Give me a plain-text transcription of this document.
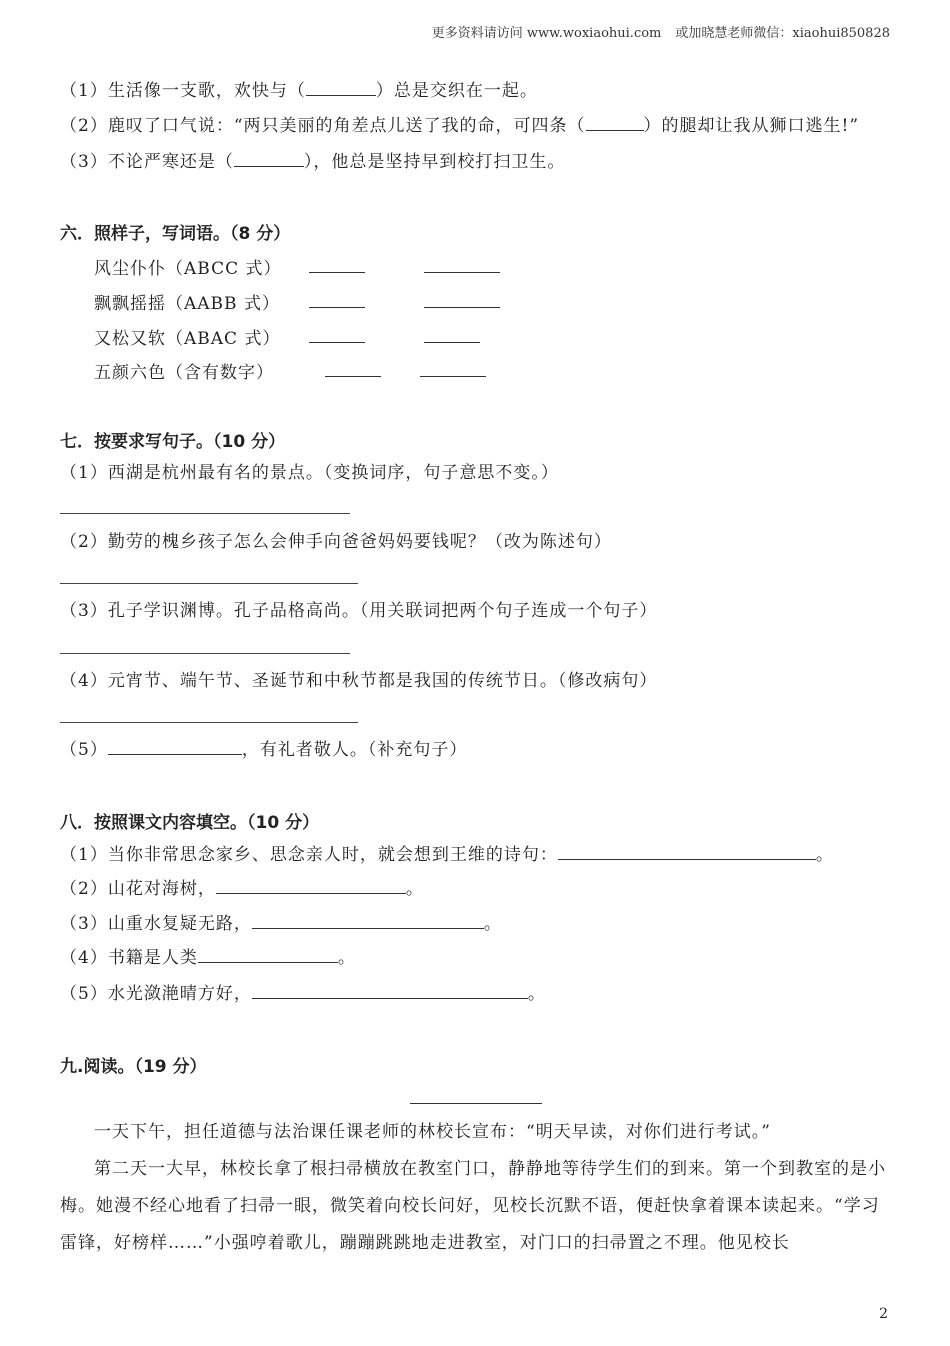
更多资料请访问 www.woxiaohui.com 或加晓慧老师微信：xiaohui850828
（1）生活像一支歌，欢快与（	）总是交织在一起。
（2）鹿叹了口气说：“两只美丽的角差点儿送了我的命，可四条（	）的腿却让我从狮口逃生!”
（3）不论严寒还是（	），他总是坚持早到校打扫卫生。
六．照样子，写词语。（8 分）
风尘仆仆（ABCC 式）
飘飘摇摇（AABB 式）
又松又软（ABAC 式）
五颜六色（含有数字）
七．按要求写句子。（10 分）
（1）西湖是杭州最有名的景点。（变换词序，句子意思不变。）
（2）勤劳的槐乡孩子怎么会伸手向爸爸妈妈要钱呢？（改为陈述句）
（3）孔子学识渊博。孔子品格高尚。（用关联词把两个句子连成一个句子）
（4）元宵节、端午节、圣诞节和中秋节都是我国的传统节日。（修改病句）
（5）	，有礼者敬人。（补充句子）
八．按照课文内容填空。（10 分）
（1）当你非常思念家乡、思念亲人时，就会想到王维的诗句：	。
（2）山花对海树，	。
（3）山重水复疑无路，	。
（4）书籍是人类	。
（5）水光潋滟晴方好，	。
九.阅读。（19 分）
一天下午，担任道德与法治课任课老师的林校长宣布：“明天早读，对你们进行考试。”
第二天一大早，林校长拿了根扫帚横放在教室门口，静静地等待学生们的到来。第一个到教室的是小梅。她漫不经心地看了扫帚一眼，微笑着向校长问好，见校长沉默不语，便赶快拿着课本读起来。“学习雷锋，好榜样……”小强哼着歌儿，蹦蹦跳跳地走进教室，对门口的扫帚置之不理。他见校长
2
